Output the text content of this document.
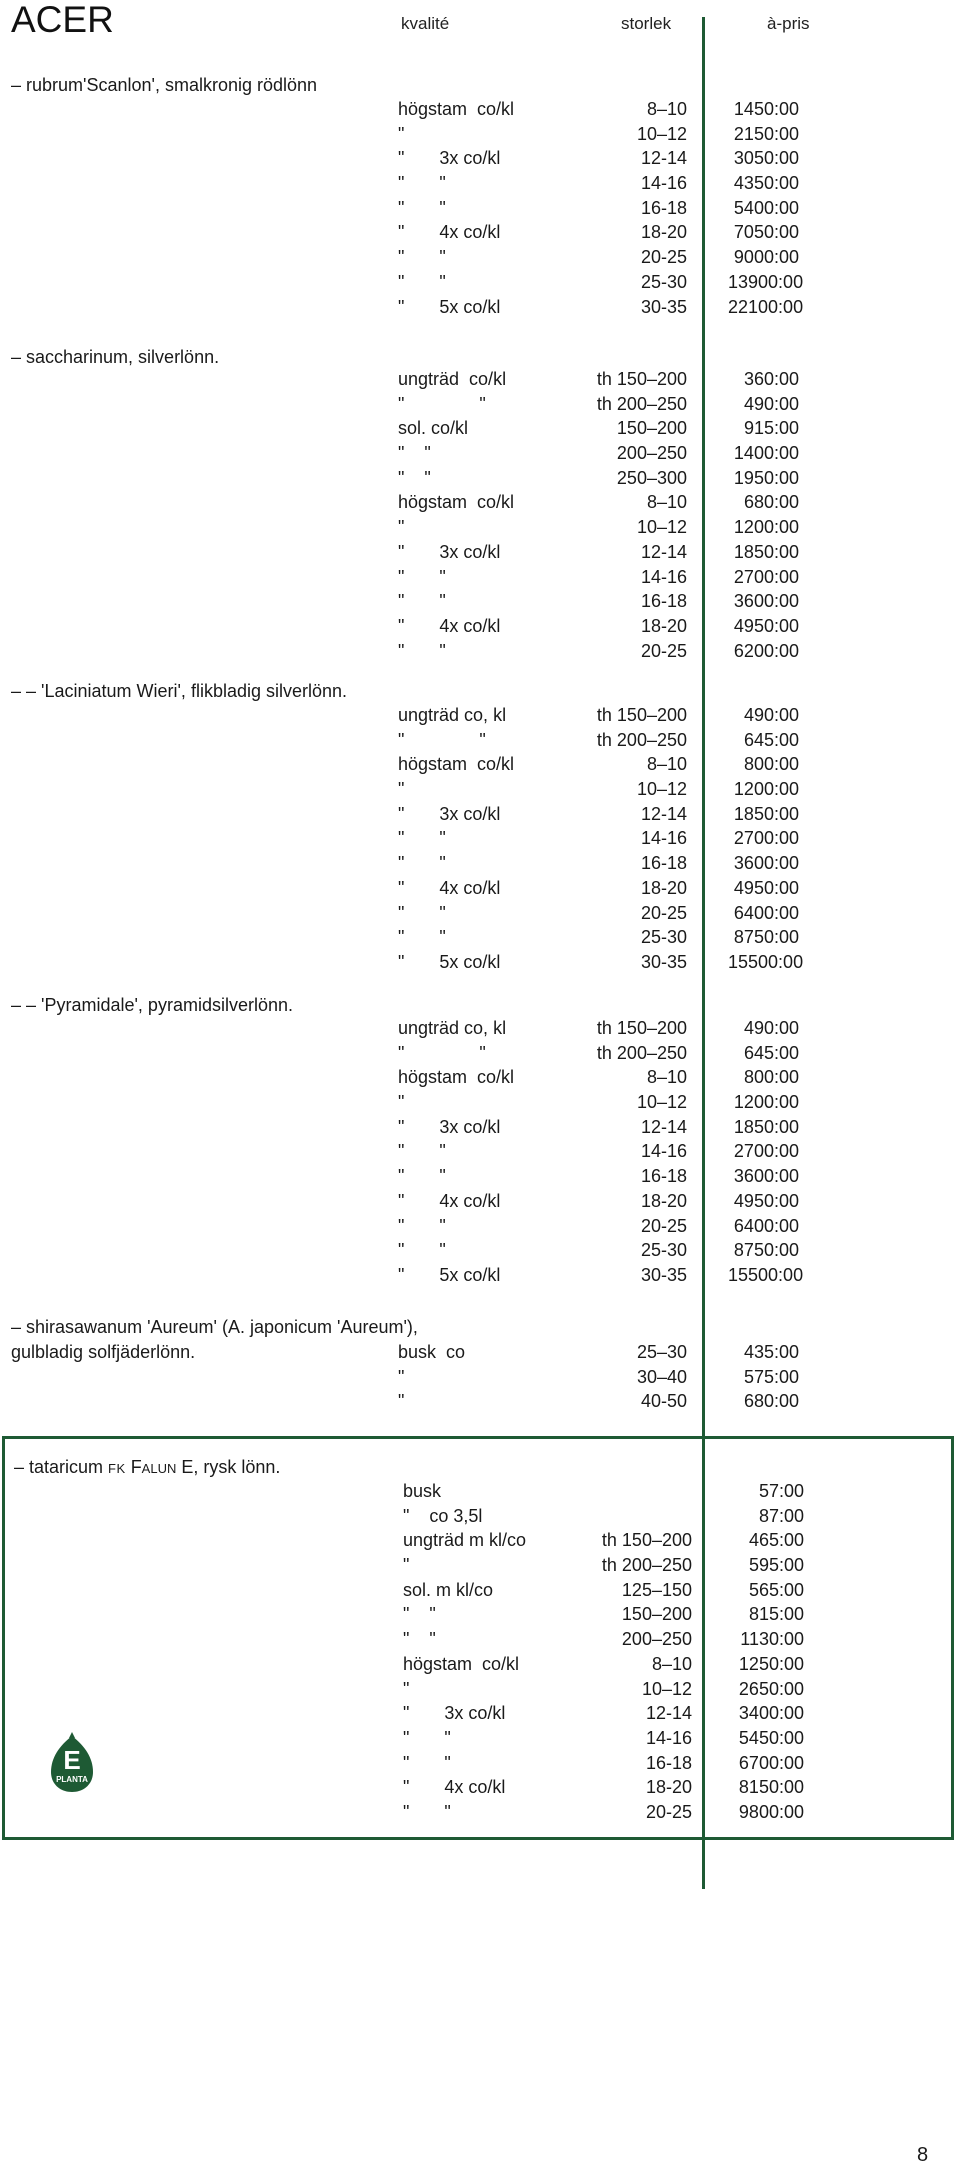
ACER	kvalité	storlek	à-pris
– rubrum'Scanlon', smalkronig rödlönn
högstam  co/kl	8–10	1450:00
"	10–12	2150:00
"       3x co/kl	12-14	3050:00
"       "	14-16	4350:00
"       "	16-18	5400:00
"       4x co/kl	18-20	7050:00
"       "	20-25	9000:00
"       "	25-30 13900:00
"       5x co/kl	30-35 22100:00
– saccharinum, silverlönn.
ungträd  co/kl	th 150–200	360:00
"               "	th 200–250	490:00
sol. co/kl	150–200	915:00
"    "	200–250	1400:00
"    "	250–300	1950:00
högstam  co/kl	8–10	680:00
"	10–12	1200:00
"       3x co/kl	12-14	1850:00
"       "	14-16	2700:00
"       "	16-18	3600:00
"       4x co/kl	18-20	4950:00
"       "	20-25	6200:00
– – 'Laciniatum Wieri', flikbladig silverlönn.
ungträd co, kl	th 150–200	490:00
"               "	th 200–250	645:00
högstam  co/kl	8–10	800:00
"	10–12	1200:00
"       3x co/kl	12-14	1850:00
"       "	14-16	2700:00
"       "	16-18	3600:00
"       4x co/kl	18-20	4950:00
"       "	20-25	6400:00
"       "	25-30	8750:00
"       5x co/kl	30-35 15500:00
– – 'Pyramidale', pyramidsilverlönn.
ungträd co, kl	th 150–200	490:00
"               "	th 200–250	645:00
högstam  co/kl	8–10	800:00
"	10–12	1200:00
"       3x co/kl	12-14	1850:00
"       "	14-16	2700:00
"       "	16-18	3600:00
"       4x co/kl	18-20	4950:00
"       "	20-25	6400:00
"       "	25-30	8750:00
"       5x co/kl	30-35 15500:00
– shirasawanum 'Aureum' (A. japonicum 'Aureum'),
gulbladig solfjäderlönn.	busk  co	25–30	435:00
"	30–40	575:00
"	40-50	680:00
– tataricum FK Falun E, rysk lönn.
busk	57:00
"    co 3,5l	87:00
ungträd m kl/co	th 150–200	465:00
"	th 200–250	595:00
sol. m kl/co	125–150	565:00
"    "	150–200	815:00
"    "	200–250	1130:00
högstam  co/kl	8–10	1250:00
"	10–12	2650:00
"       3x co/kl	12-14	3400:00
"       "	14-16	5450:00
"       "	16-18	6700:00
"       4x co/kl	18-20	8150:00
"       "	20-25	9800:00
E
PLANTA
8
